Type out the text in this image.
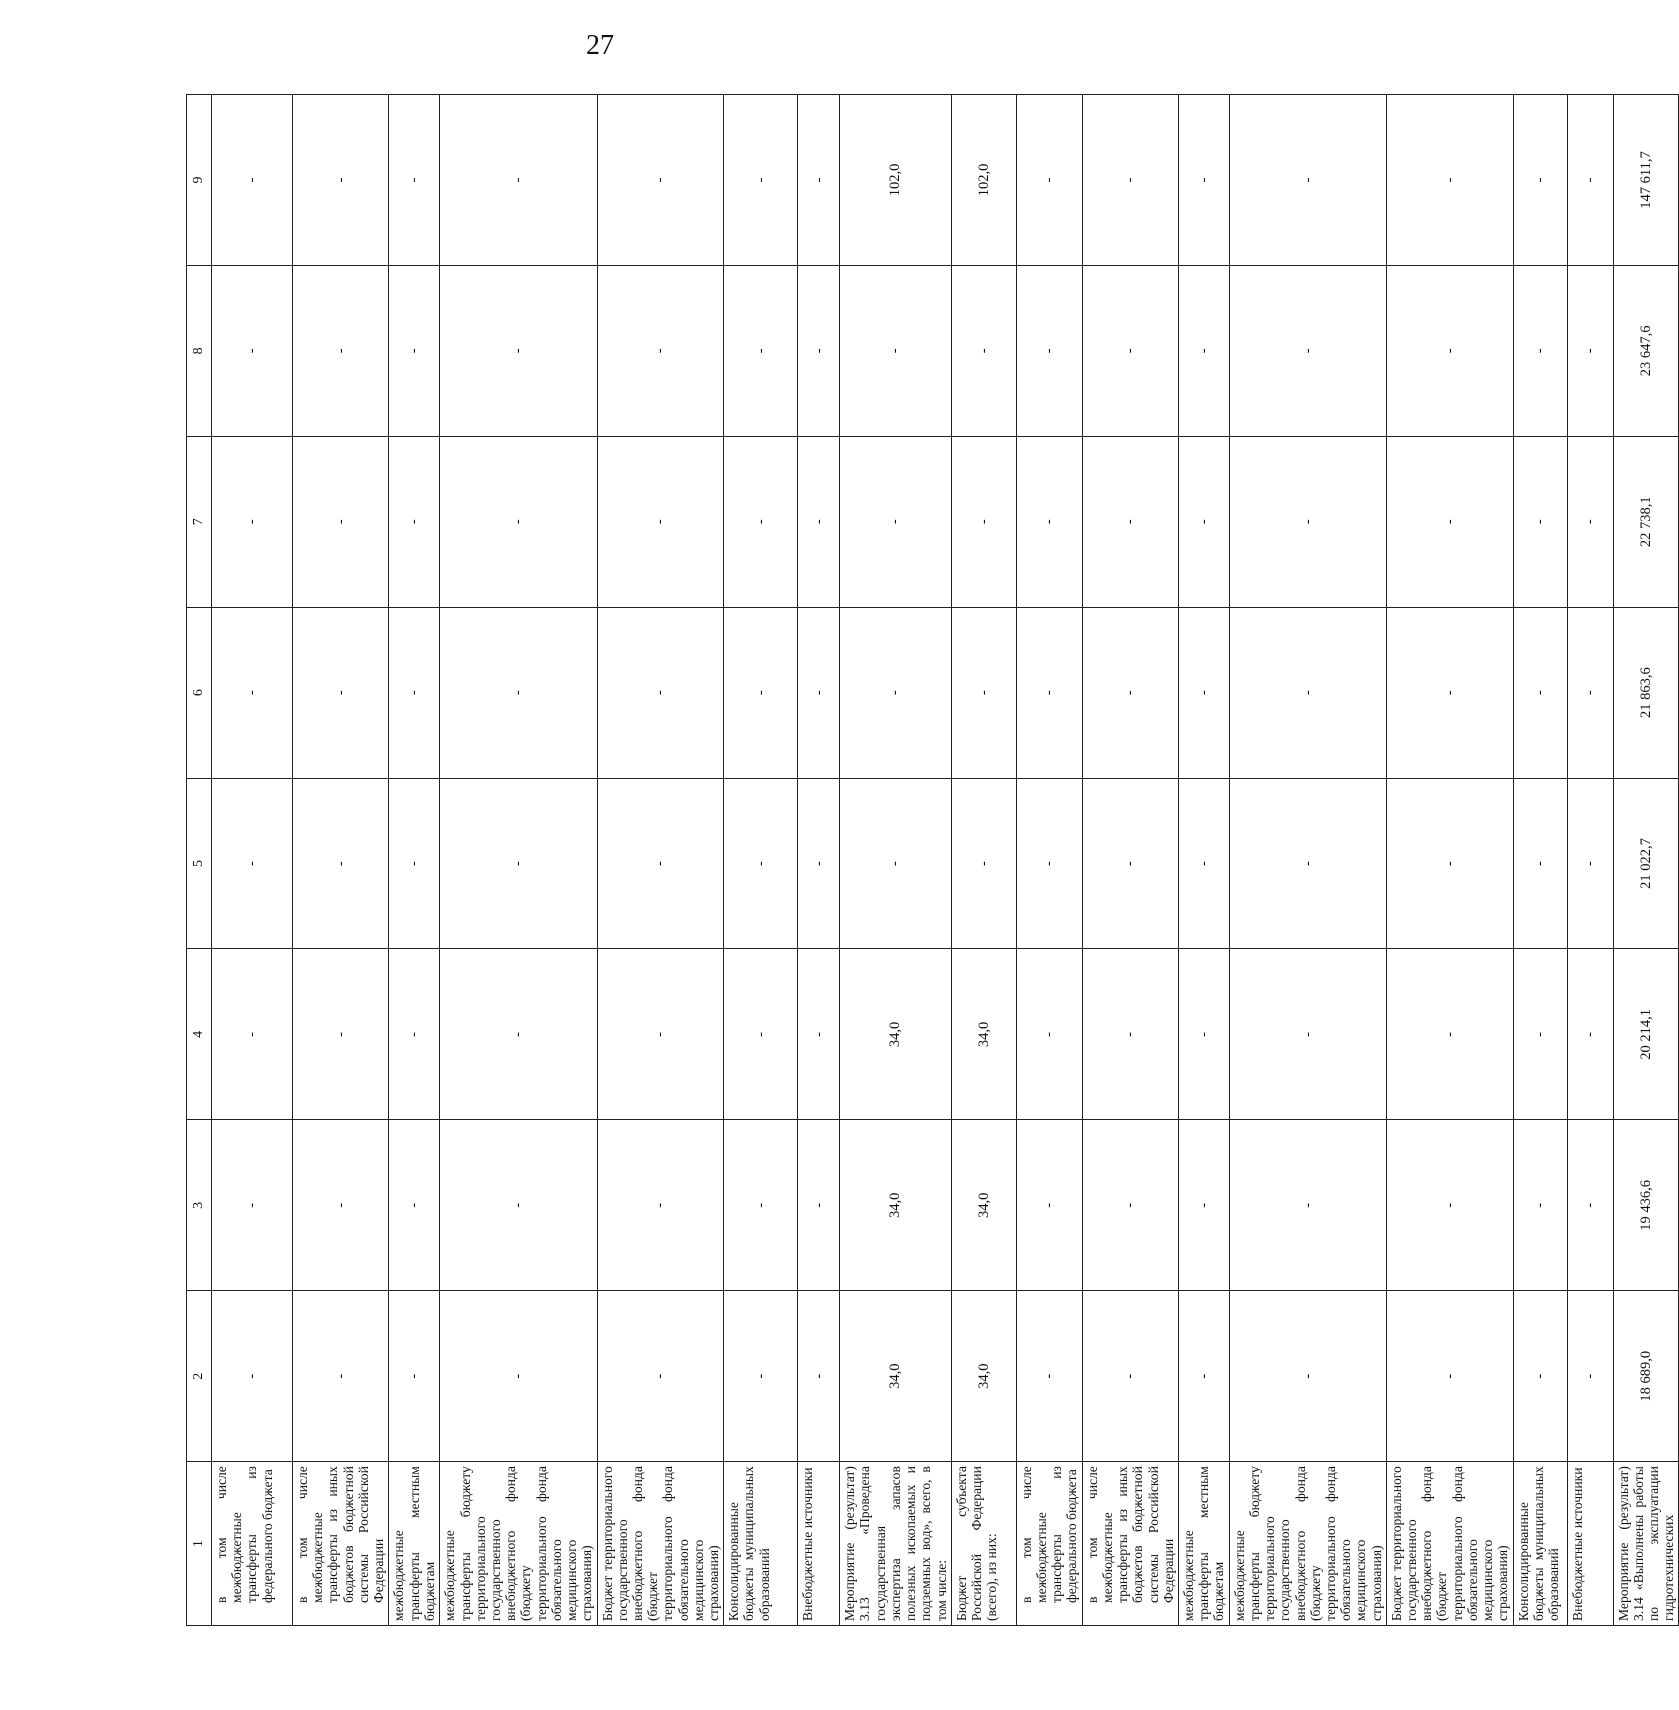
27
1	2	3	4	5	6	7	8	9
в том числе межбюджетные трансферты из федерального бюджета	-	-	-	-	-	-	-	-
в том числе межбюджетные трансферты из иных бюджетов бюджетной системы Российской Федерации	-	-	-	-	-	-	-	-
межбюджетные трансферты местным бюджетам	-	-	-	-	-	-	-	-
межбюджетные трансферты бюджету территориального государственного внебюджетного фонда (бюджету территориального фонда обязательного медицинского страхования)	-	-	-	-	-	-	-	-
Бюджет территориального государственного внебюджетного фонда (бюджет территориального фонда обязательного медицинского страхования)	-	-	-	-	-	-	-	-
Консолидированные бюджеты муниципальных образований	-	-	-	-	-	-	-	-
Внебюджетные источники	-	-	-	-	-	-	-	-
Мероприятие (результат) 3.13 «Проведена государственная экспертиза запасов полезных ископаемых и подземных вод», всего, в том числе:	34,0	34,0	34,0	-	-	-	-	102,0
Бюджет субъекта Российской Федерации (всего), из них:	34,0	34,0	34,0	-	-	-	-	102,0
в том числе межбюджетные трансферты из федерального бюджета	-	-	-	-	-	-	-	-
в том числе межбюджетные трансферты из иных бюджетов бюджетной системы Российской Федерации	-	-	-	-	-	-	-	-
межбюджетные трансферты местным бюджетам	-	-	-	-	-	-	-	-
межбюджетные трансферты бюджету территориального государственного внебюджетного фонда (бюджету территориального фонда обязательного медицинского страхования)	-	-	-	-	-	-	-	-
Бюджет территориального государственного внебюджетного фонда (бюджет территориального фонда обязательного медицинского страхования)	-	-	-	-	-	-	-	-
Консолидированные бюджеты муниципальных образований	-	-	-	-	-	-	-	-
Внебюджетные источники	-	-	-	-	-	-	-	-
Мероприятие (результат) 3.14 «Выполнены работы по эксплуатации гидротехнических	18 689,0	19 436,6	20 214,1	21 022,7	21 863,6	22 738,1	23 647,6	147 611,7
